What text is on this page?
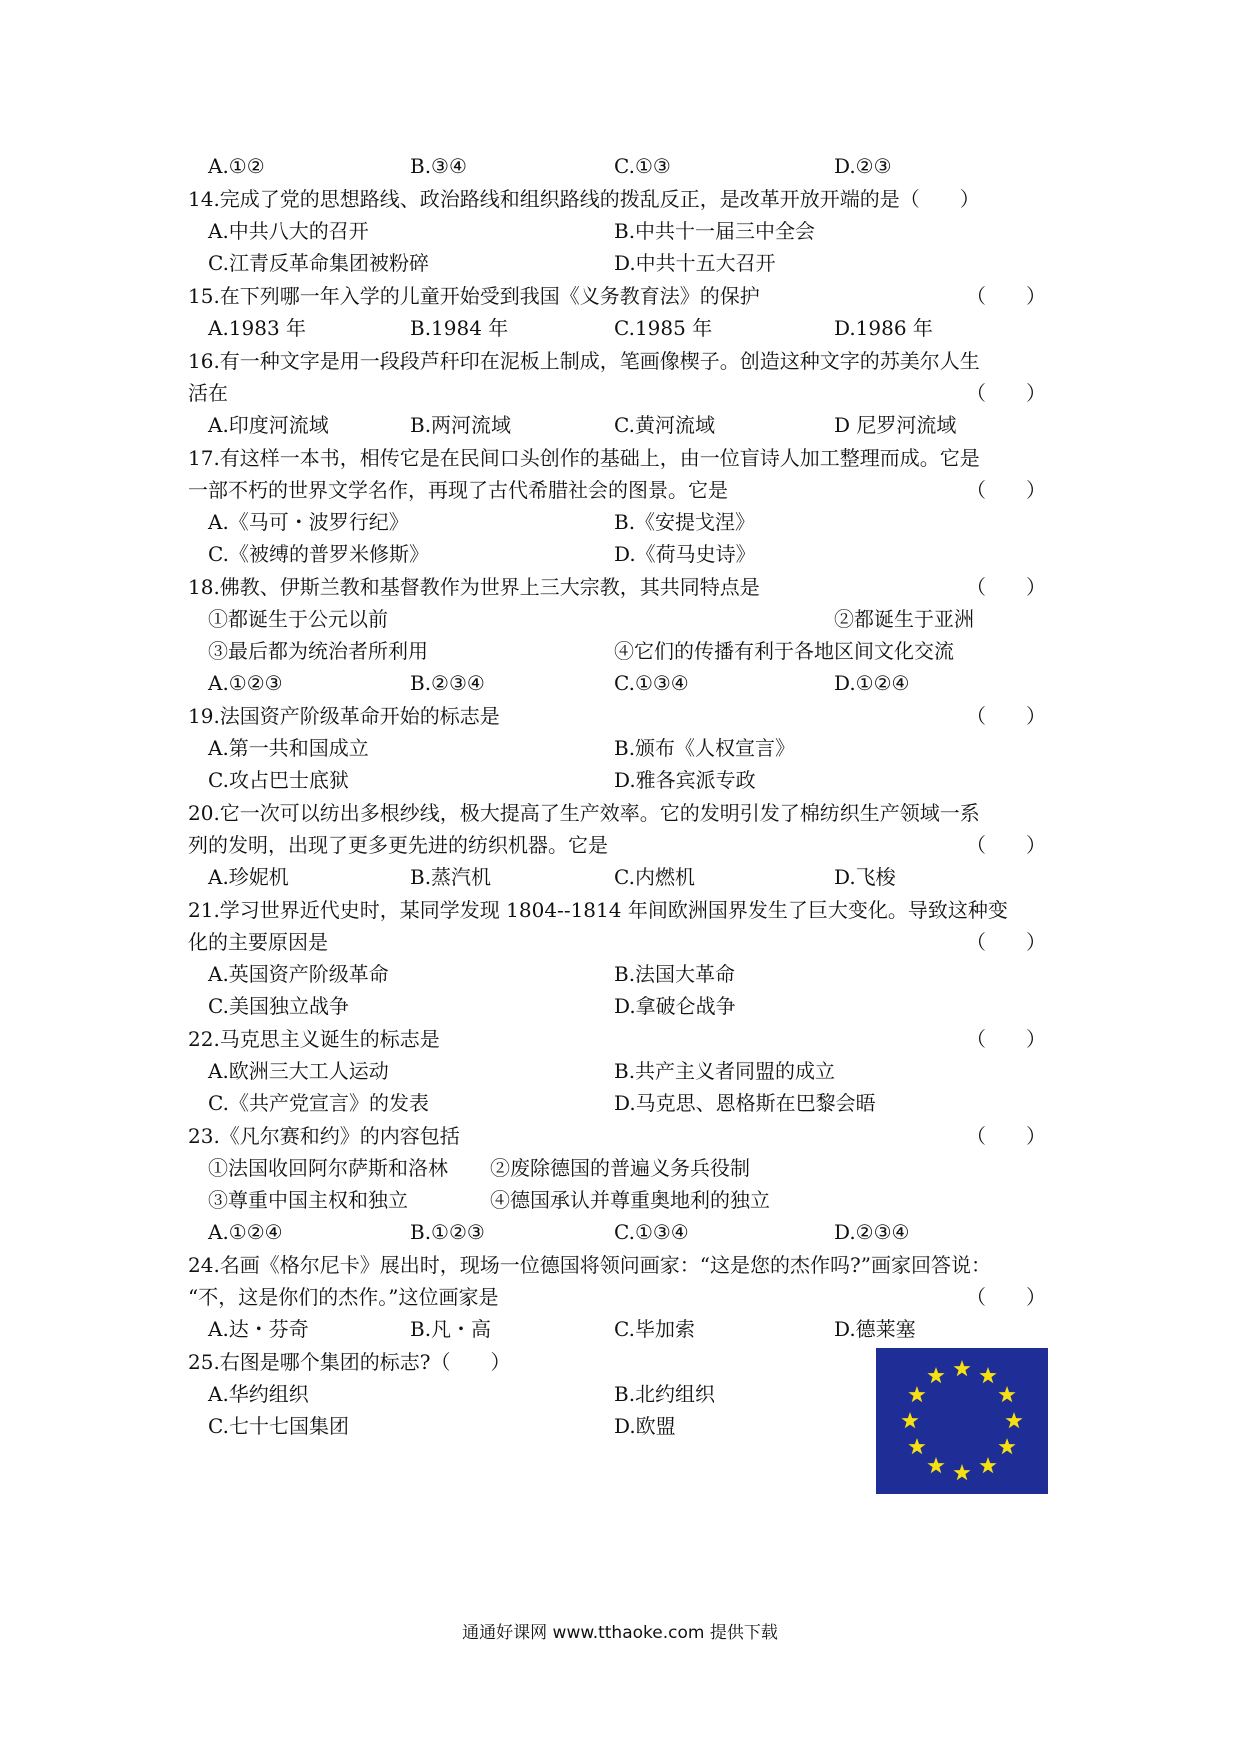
A.①②	B.③④	C.①③	D.②③
14.完成了党的思想路线、政治路线和组织路线的拨乱反正，是改革开放开端的是（　　）
A.中共八大的召开	B.中共十一届三中全会
C.江青反革命集团被粉碎	D.中共十五大召开
15.在下列哪一年入学的儿童开始受到我国《义务教育法》的保护	（　　）
A.1983 年	B.1984 年	C.1985 年	D.1986 年
16.有一种文字是用一段段芦秆印在泥板上制成，笔画像楔子。创造这种文字的苏美尔人生
活在	（　　）
A.印度河流域	B.两河流域	C.黄河流域	D 尼罗河流域
17.有这样一本书，相传它是在民间口头创作的基础上，由一位盲诗人加工整理而成。它是
一部不朽的世界文学名作，再现了古代希腊社会的图景。它是	（　　）
A.《马可・波罗行纪》	B.《安提戈涅》
C.《被缚的普罗米修斯》	D.《荷马史诗》
18.佛教、伊斯兰教和基督教作为世界上三大宗教，其共同特点是	（　　）
①都诞生于公元以前	②都诞生于亚洲
③最后都为统治者所利用	④它们的传播有利于各地区间文化交流
A.①②③	B.②③④	C.①③④	D.①②④
19.法国资产阶级革命开始的标志是	（　　）
A.第一共和国成立	B.颁布《人权宣言》
C.攻占巴士底狱	D.雅各宾派专政
20.它一次可以纺出多根纱线，极大提高了生产效率。它的发明引发了棉纺织生产领域一系
列的发明，出现了更多更先进的纺织机器。它是	（　　）
A.珍妮机	B.蒸汽机	C.内燃机	D.飞梭
21.学习世界近代史时，某同学发现 1804--1814 年间欧洲国界发生了巨大变化。导致这种变
化的主要原因是	（　　）
A.英国资产阶级革命	B.法国大革命
C.美国独立战争	D.拿破仑战争
22.马克思主义诞生的标志是	（　　）
A.欧洲三大工人运动	B.共产主义者同盟的成立
C.《共产党宣言》的发表	D.马克思、恩格斯在巴黎会晤
23.《凡尔赛和约》的内容包括	（　　）
①法国收回阿尔萨斯和洛林 ②废除德国的普遍义务兵役制
③尊重中国主权和独立	④德国承认并尊重奥地利的独立
A.①②④	B.①②③	C.①③④	D.②③④
24.名画《格尔尼卡》展出时，现场一位德国将领问画家：“这是您的杰作吗?”画家回答说：
“不，这是你们的杰作。”这位画家是	（　　）
A.达・芬奇	B.凡・高	C.毕加索	D.德莱塞
25.右图是哪个集团的标志?（　　）
A.华约组织	B.北约组织
C.七十七国集团	D.欧盟
通通好课网 www.tthaoke.com 提供下载
